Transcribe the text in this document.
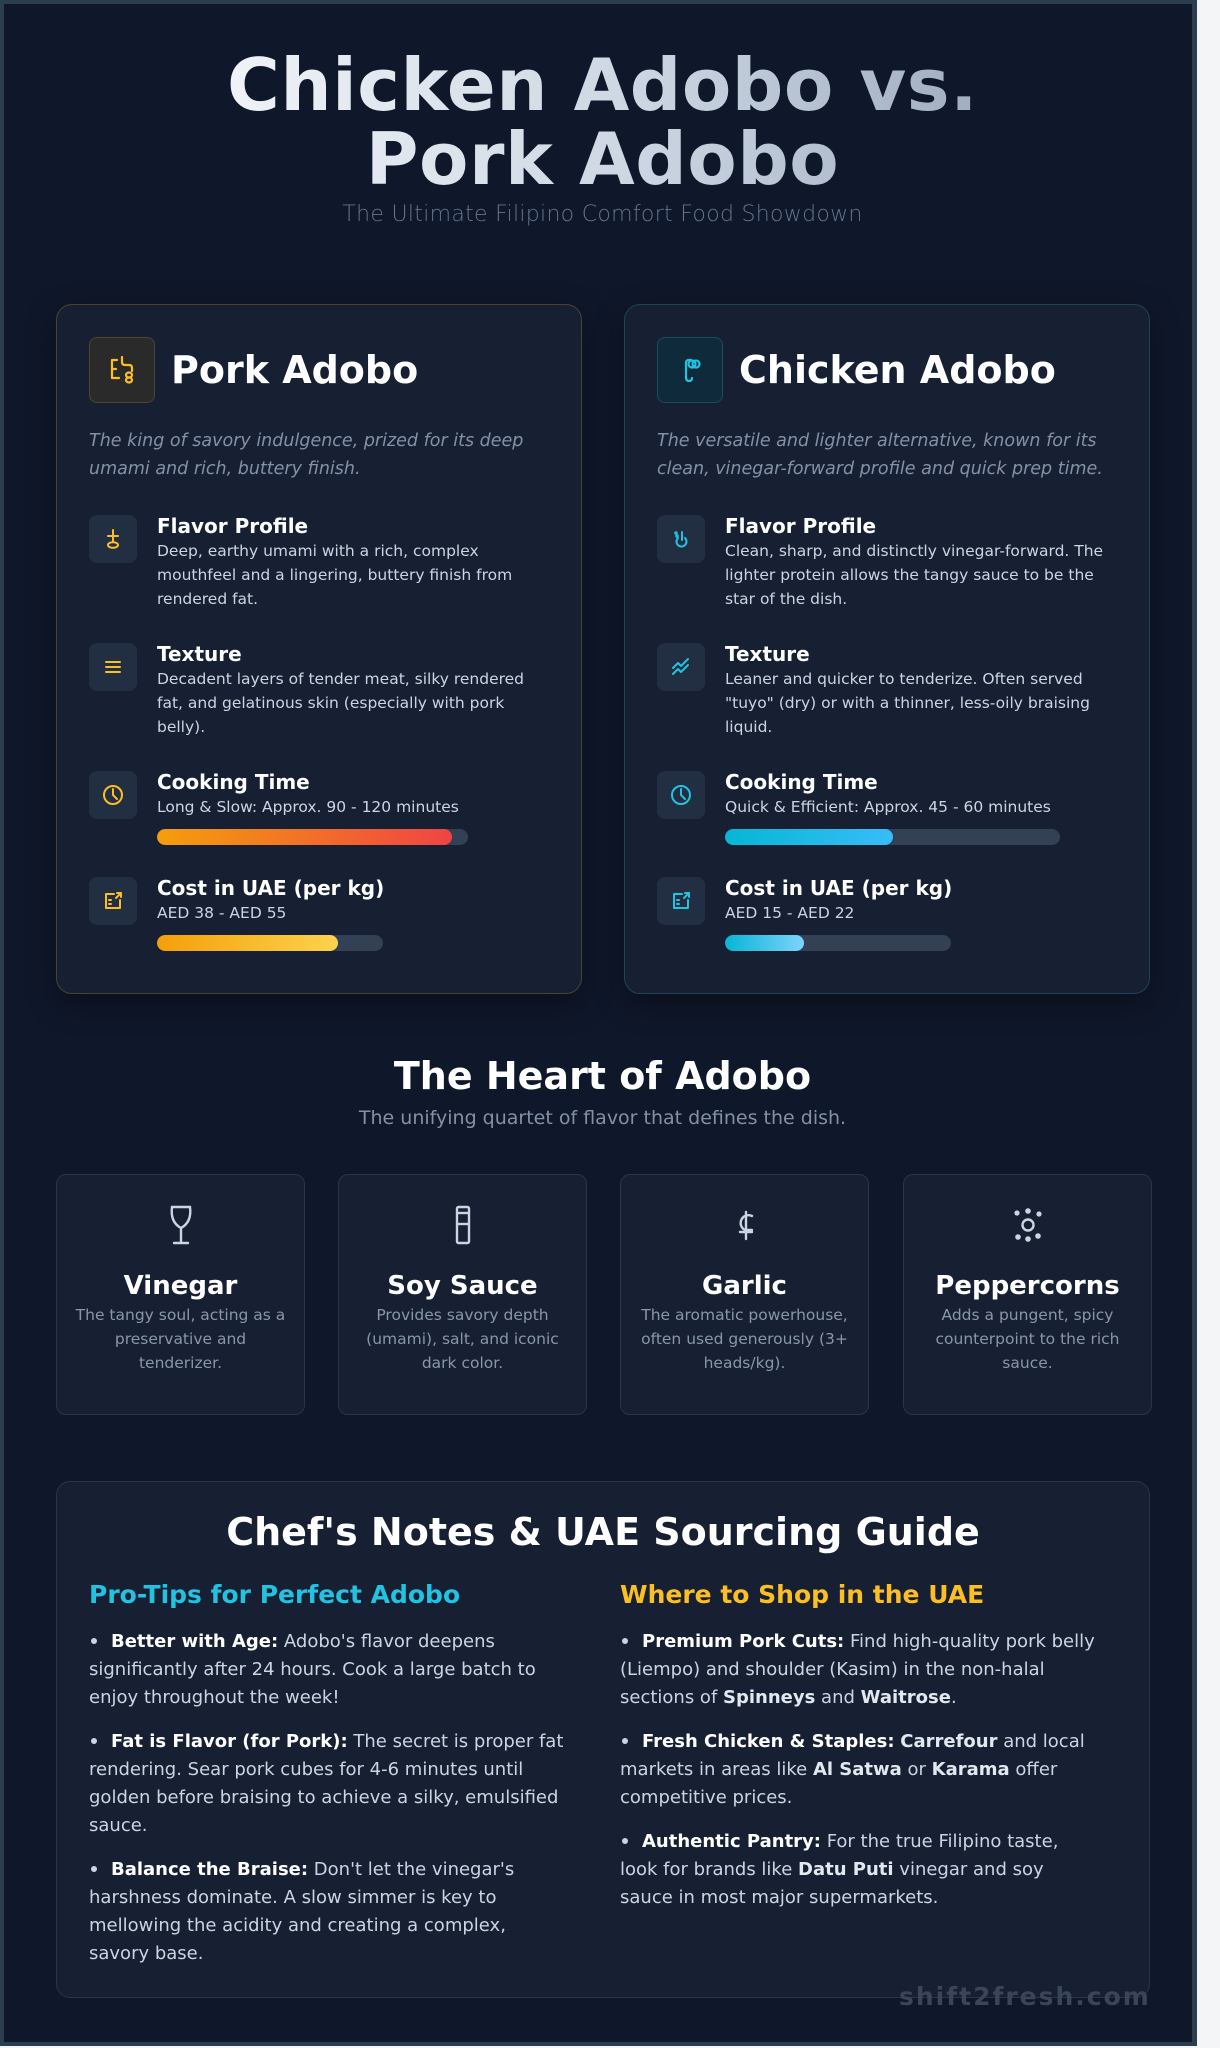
Chicken Adobo vs. Pork Adobo
The Ultimate Filipino Comfort Food Showdown
Pork Adobo
The king of savory indulgence, prized for its deep umami and rich, buttery finish.
Flavor Profile
Deep, earthy umami with a rich, complex mouthfeel and a lingering, buttery finish from rendered fat.
Texture
Decadent layers of tender meat, silky rendered fat, and gelatinous skin (especially with pork belly).
Cooking Time
Long & Slow: Approx. 90 - 120 minutes
Cost in UAE (per kg)
AED 38 - AED 55
Chicken Adobo
The versatile and lighter alternative, known for its clean, vinegar-forward profile and quick prep time.
Flavor Profile
Clean, sharp, and distinctly vinegar-forward. The lighter protein allows the tangy sauce to be the star of the dish.
Texture
Leaner and quicker to tenderize. Often served "tuyo" (dry) or with a thinner, less-oily braising liquid.
Cooking Time
Quick & Efficient: Approx. 45 - 60 minutes
Cost in UAE (per kg)
AED 15 - AED 22
The Heart of Adobo
The unifying quartet of flavor that defines the dish.
Vinegar
The tangy soul, acting as a preservative and tenderizer.
Soy Sauce
Provides savory depth (umami), salt, and iconic dark color.
Garlic
The aromatic powerhouse, often used generously (3+ heads/kg).
Peppercorns
Adds a pungent, spicy counterpoint to the rich sauce.
Chef's Notes & UAE Sourcing Guide
Pro-Tips for Perfect Adobo
Better with Age: Adobo's flavor deepens significantly after 24 hours. Cook a large batch to enjoy throughout the week!
Fat is Flavor (for Pork): The secret is proper fat rendering. Sear pork cubes for 4-6 minutes until golden before braising to achieve a silky, emulsified sauce.
Balance the Braise: Don't let the vinegar's harshness dominate. A slow simmer is key to mellowing the acidity and creating a complex, savory base.
Where to Shop in the UAE
Premium Pork Cuts: Find high-quality pork belly (Liempo) and shoulder (Kasim) in the non-halal sections of Spinneys and Waitrose.
Fresh Chicken & Staples: Carrefour and local markets in areas like Al Satwa or Karama offer competitive prices.
Authentic Pantry: For the true Filipino taste, look for brands like Datu Puti vinegar and soy sauce in most major supermarkets.
shift2fresh.com
